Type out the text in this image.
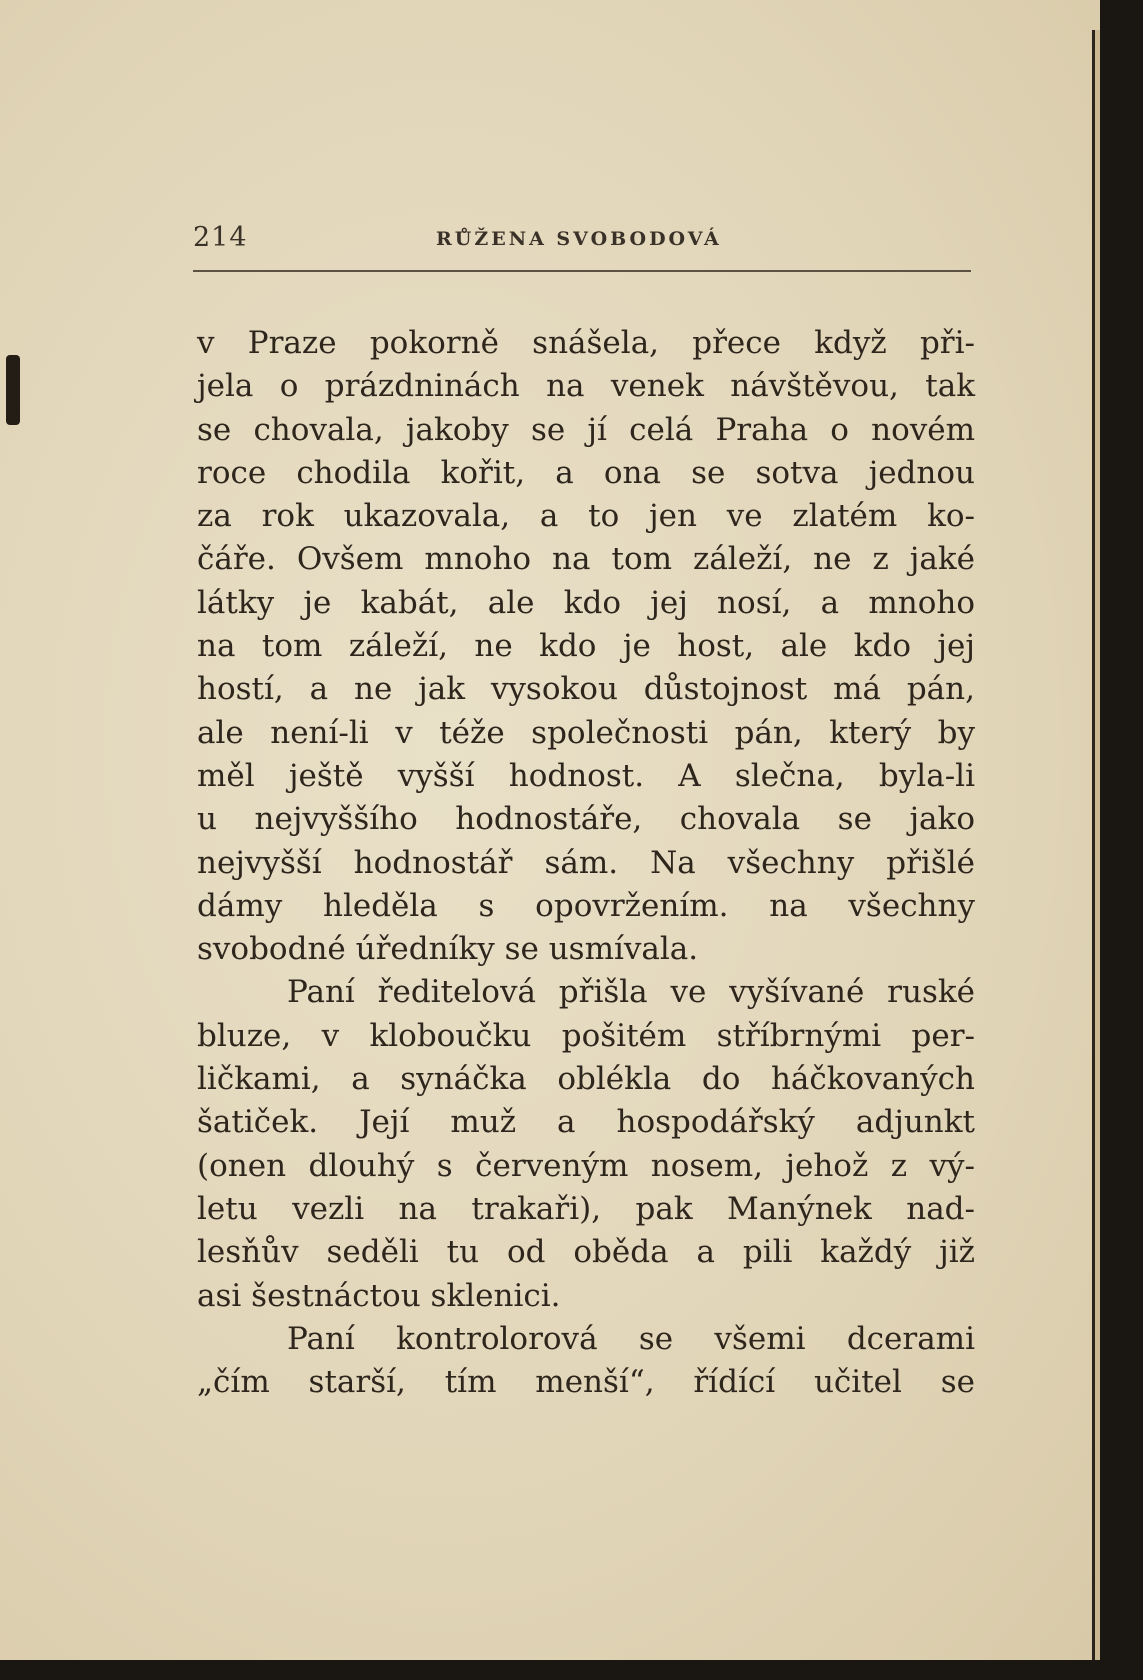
214	RŮŽENA SVOBODOVÁ
v Praze pokorně snášela, přece když při-
jela o prázdninách na venek návštěvou, tak
se chovala, jakoby se jí celá Praha o novém
roce chodila kořit, a ona se sotva jednou
za rok ukazovala, a to jen ve zlatém ko-
čáře. Ovšem mnoho na tom záleží, ne z jaké
látky je kabát, ale kdo jej nosí, a mnoho
na tom záleží, ne kdo je host, ale kdo jej
hostí, a ne jak vysokou důstojnost má pán,
ale není-li v téže společnosti pán, který by
měl ještě vyšší hodnost. A slečna, byla-li
u nejvyššího hodnostáře, chovala se jako
nejvyšší hodnostář sám. Na všechny přišlé
dámy hleděla s opovržením. na všechny
svobodné úředníky se usmívala.
Paní ředitelová přišla ve vyšívané ruské
bluze, v kloboučku pošitém stříbrnými per-
ličkami, a synáčka oblékla do háčkovaných
šatiček. Její muž a hospodářský adjunkt
(onen dlouhý s červeným nosem, jehož z vý-
letu vezli na trakaři), pak Manýnek nad-
lesňův seděli tu od oběda a pili každý již
asi šestnáctou sklenici.
Paní kontrolorová se všemi dcerami
„čím starší, tím menší“, řídící učitel se
